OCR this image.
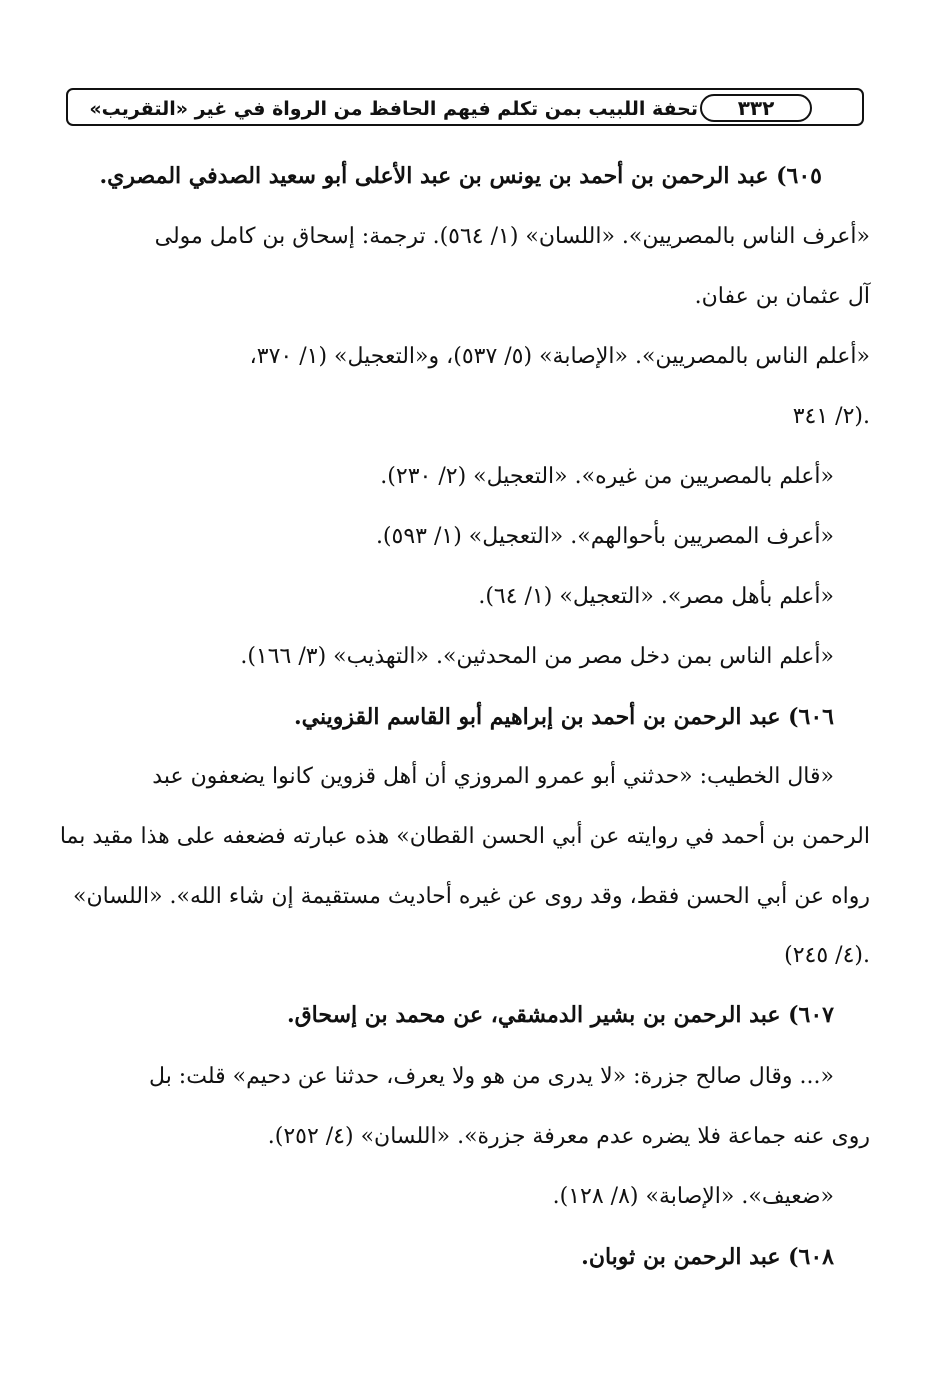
٣٣٢
تحفة اللبيب بمن تكلم فيهم الحافظ من الرواة في غير «التقريب»
٦٠٥) عبد الرحمن بن أحمد بن يونس بن عبد الأعلى أبو سعيد الصدفي المصري.
«أعرف الناس بالمصريين». «اللسان» (١/ ٥٦٤). ترجمة: إسحاق بن كامل مولى
آل عثمان بن عفان.
«أعلم الناس بالمصريين». «الإصابة» (٥/ ٥٣٧)، و«التعجيل» (١/ ٣٧٠،
٢/ ٣٤١).
«أعلم بالمصريين من غيره». «التعجيل» (٢/ ٢٣٠).
«أعرف المصريين بأحوالهم». «التعجيل» (١/ ٥٩٣).
«أعلم بأهل مصر». «التعجيل» (١/ ٦٤).
«أعلم الناس بمن دخل مصر من المحدثين». «التهذيب» (٣/ ١٦٦).
٦٠٦) عبد الرحمن بن أحمد بن إبراهيم أبو القاسم القزويني.
«قال الخطيب: «حدثني أبو عمرو المروزي أن أهل قزوين كانوا يضعفون عبد
الرحمن بن أحمد في روايته عن أبي الحسن القطان» هذه عبارته فضعفه على هذا مقيد بما
رواه عن أبي الحسن فقط، وقد روى عن غيره أحاديث مستقيمة إن شاء الله». «اللسان»
(٤/ ٢٤٥).
٦٠٧) عبد الرحمن بن بشير الدمشقي، عن محمد بن إسحاق.
«... وقال صالح جزرة: «لا يدرى من هو ولا يعرف، حدثنا عن دحيم» قلت: بل
روى عنه جماعة فلا يضره عدم معرفة جزرة». «اللسان» (٤/ ٢٥٢).
«ضعيف». «الإصابة» (٨/ ١٢٨).
٦٠٨) عبد الرحمن بن ثوبان.
